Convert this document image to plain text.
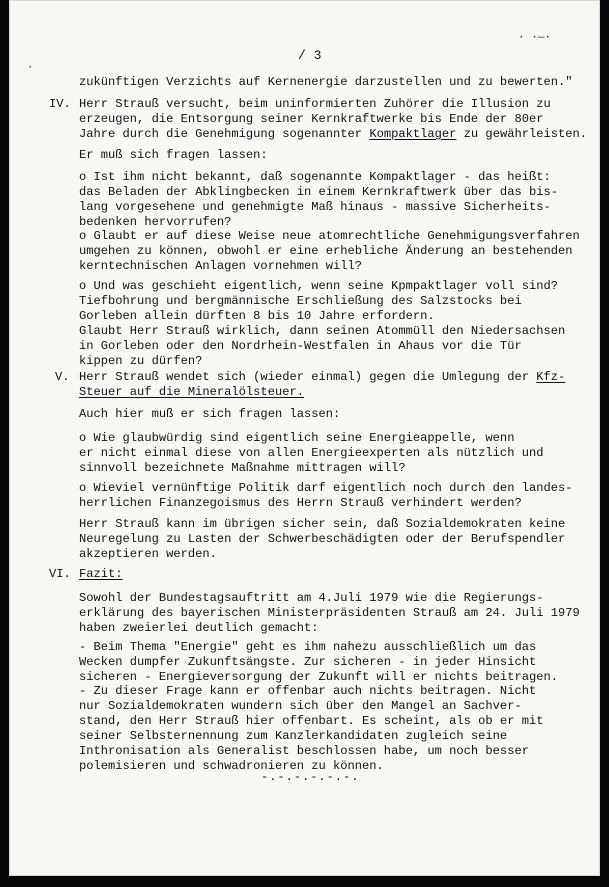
· ·—·
·
/ 3
zukünftigen Verzichts auf Kernenergie darzustellen und zu bewerten."
IV. Herr Strauß versucht, beim uninformierten Zuhörer die Illusion zu
erzeugen, die Entsorgung seiner Kernkraftwerke bis Ende der 80er
Jahre durch die Genehmigung sogenannter Kompaktlager zu gewährleisten.
Er muß sich fragen lassen:
o Ist ihm nicht bekannt, daß sogenannte Kompaktlager - das heißt:
das Beladen der Abklingbecken in einem Kernkraftwerk über das bis-
lang vorgesehene und genehmigte Maß hinaus - massive Sicherheits-
bedenken hervorrufen?
o Glaubt er auf diese Weise neue atomrechtliche Genehmigungsverfahren
umgehen zu können, obwohl er eine erhebliche Änderung an bestehenden
kerntechnischen Anlagen vornehmen will?
o Und was geschieht eigentlich, wenn seine Kpmpaktlager voll sind?
Tiefbohrung und bergmännische Erschließung des Salzstocks bei
Gorleben allein dürften 8 bis 10 Jahre erfordern.
Glaubt Herr Strauß wirklich, dann seinen Atommüll den Niedersachsen
in Gorleben oder den Nordrhein-Westfalen in Ahaus vor die Tür
kippen zu dürfen?
V. Herr Strauß wendet sich (wieder einmal) gegen die Umlegung der Kfz-
Steuer auf die Mineralölsteuer.
Auch hier muß er sich fragen lassen:
o Wie glaubwürdig sind eigentlich seine Energieappelle, wenn
er nicht einmal diese von allen Energieexperten als nützlich und
sinnvoll bezeichnete Maßnahme mittragen will?
o Wieviel vernünftige Politik darf eigentlich noch durch den landes-
herrlichen Finanzegoismus des Herrn Strauß verhindert werden?
Herr Strauß kann im übrigen sicher sein, daß Sozialdemokraten keine
Neuregelung zu Lasten der Schwerbeschädigten oder der Berufspendler
akzeptieren werden.
VI. Fazit:
Sowohl der Bundestagsauftritt am 4.Juli 1979 wie die Regierungs-
erklärung des bayerischen Ministerpräsidenten Strauß am 24. Juli 1979
haben zweierlei deutlich gemacht:
- Beim Thema "Energie" geht es ihm nahezu ausschließlich um das
Wecken dumpfer Zukunftsängste. Zur sicheren - in jeder Hinsicht
sicheren - Energieversorgung der Zukunft will er nichts beitragen.
- Zu dieser Frage kann er offenbar auch nichts beitragen. Nicht
nur Sozialdemokraten wundern sich über den Mangel an Sachver-
stand, den Herr Strauß hier offenbart. Es scheint, als ob er mit
seiner Selbsternennung zum Kanzlerkandidaten zugleich seine
Inthronisation als Generalist beschlossen habe, um noch besser
polemisieren und schwadronieren zu können.
-.-.-.-.-.-.
